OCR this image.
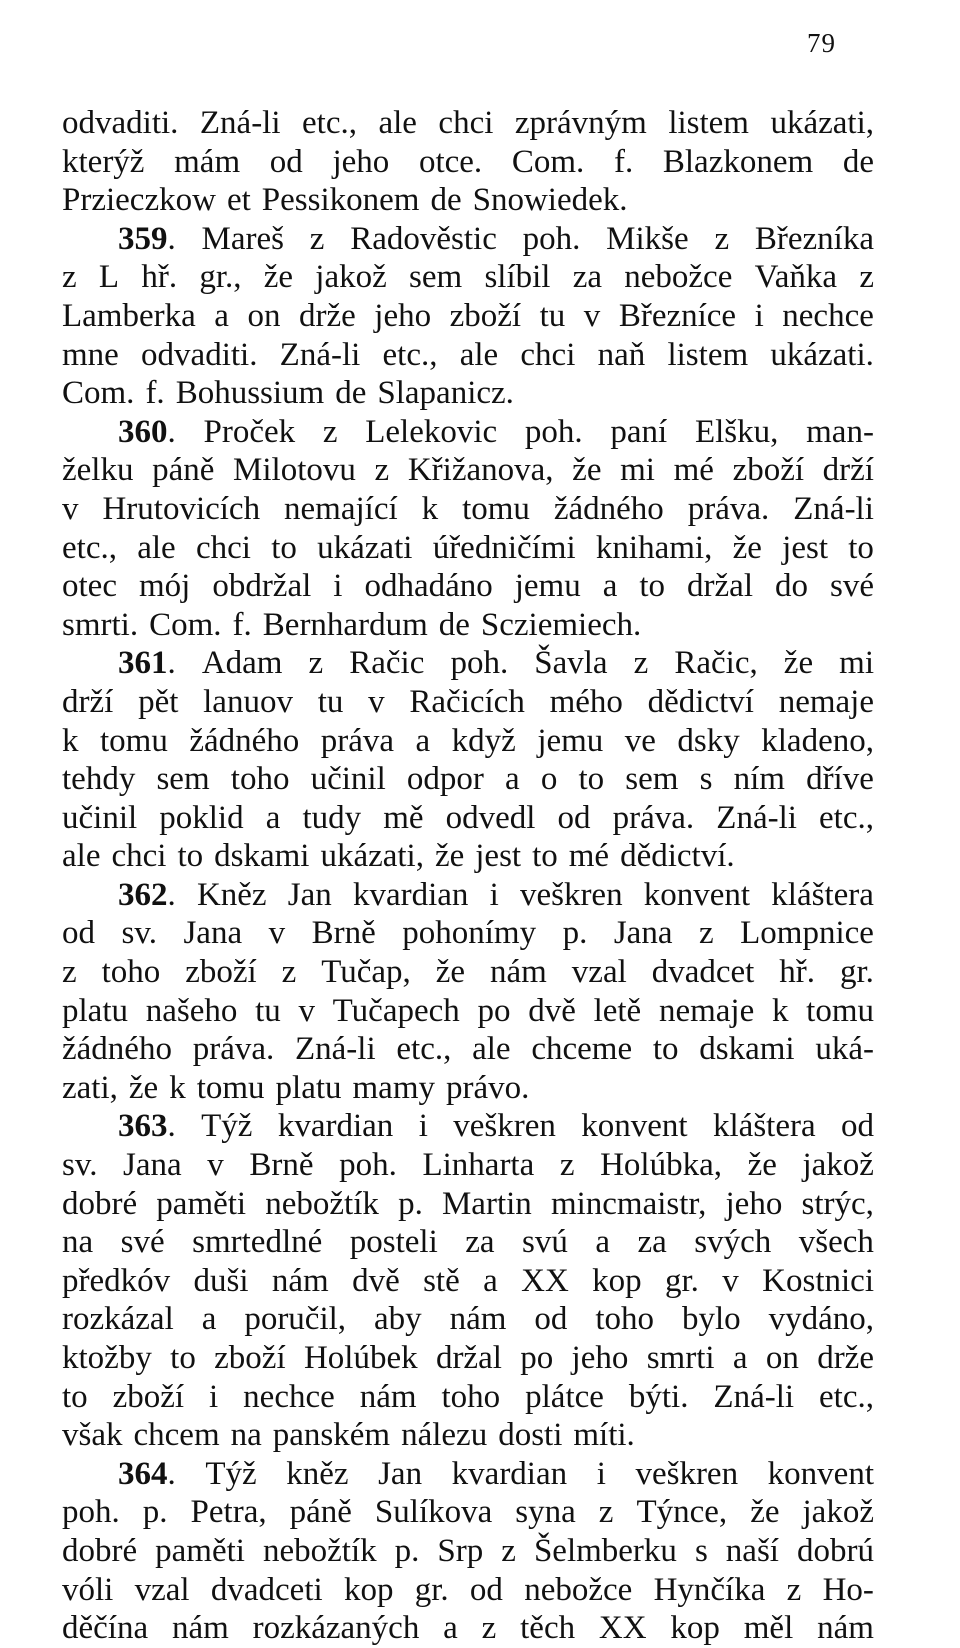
79
odvaditi. Zná-li etc., ale chci zprávným listem ukázati,
kterýž mám od jeho otce. Com. f. Blazkonem de
Przieczkow et Pessikonem de Snowiedek.
359. Mareš z Radověstic poh. Mikše z Březníka
z L hř. gr., že jakož sem slíbil za nebožce Vaňka z
Lamberka a on drže jeho zboží tu v Březníce i nechce
mne odvaditi. Zná-li etc., ale chci naň listem ukázati.
Com. f. Bohussium de Slapanicz.
360. Proček z Lelekovic poh. paní Elšku, man-
želku páně Milotovu z Křižanova, že mi mé zboží drží
v Hrutovicích nemající k tomu žádného práva. Zná-li
etc., ale chci to ukázati úředničími knihami, že jest to
otec mój obdržal i odhadáno jemu a to držal do své
smrti. Com. f. Bernhardum de Scziemiech.
361. Adam z Račic poh. Šavla z Račic, že mi
drží pět lanuov tu v Račicích mého dědictví nemaje
k tomu žádného práva a když jemu ve dsky kladeno,
tehdy sem toho učinil odpor a o to sem s ním dříve
učinil poklid a tudy mě odvedl od práva. Zná-li etc.,
ale chci to dskami ukázati, že jest to mé dědictví.
362. Kněz Jan kvardian i veškren konvent kláštera
od sv. Jana v Brně pohonímy p. Jana z Lompnice
z toho zboží z Tučap, že nám vzal dvadcet hř. gr.
platu našeho tu v Tučapech po dvě letě nemaje k tomu
žádného práva. Zná-li etc., ale chceme to dskami uká-
zati, že k tomu platu mamy právo.
363. Týž kvardian i veškren konvent kláštera od
sv. Jana v Brně poh. Linharta z Holúbka, že jakož
dobré paměti nebožtík p. Martin mincmaistr, jeho strýc,
na své smrtedlné posteli za svú a za svých všech
předkóv duši nám dvě stě a XX kop gr. v Kostnici
rozkázal a poručil, aby nám od toho bylo vydáno,
ktožby to zboží Holúbek držal po jeho smrti a on drže
to zboží i nechce nám toho plátce býti. Zná-li etc.,
však chcem na panském nálezu dosti míti.
364. Týž kněz Jan kvardian i veškren konvent
poh. p. Petra, páně Sulíkova syna z Týnce, že jakož
dobré paměti nebožtík p. Srp z Šelmberku s naší dobrú
vóli vzal dvadceti kop gr. od nebožce Hynčíka z Ho-
děčína nám rozkázaných a z těch XX kop měl nám
